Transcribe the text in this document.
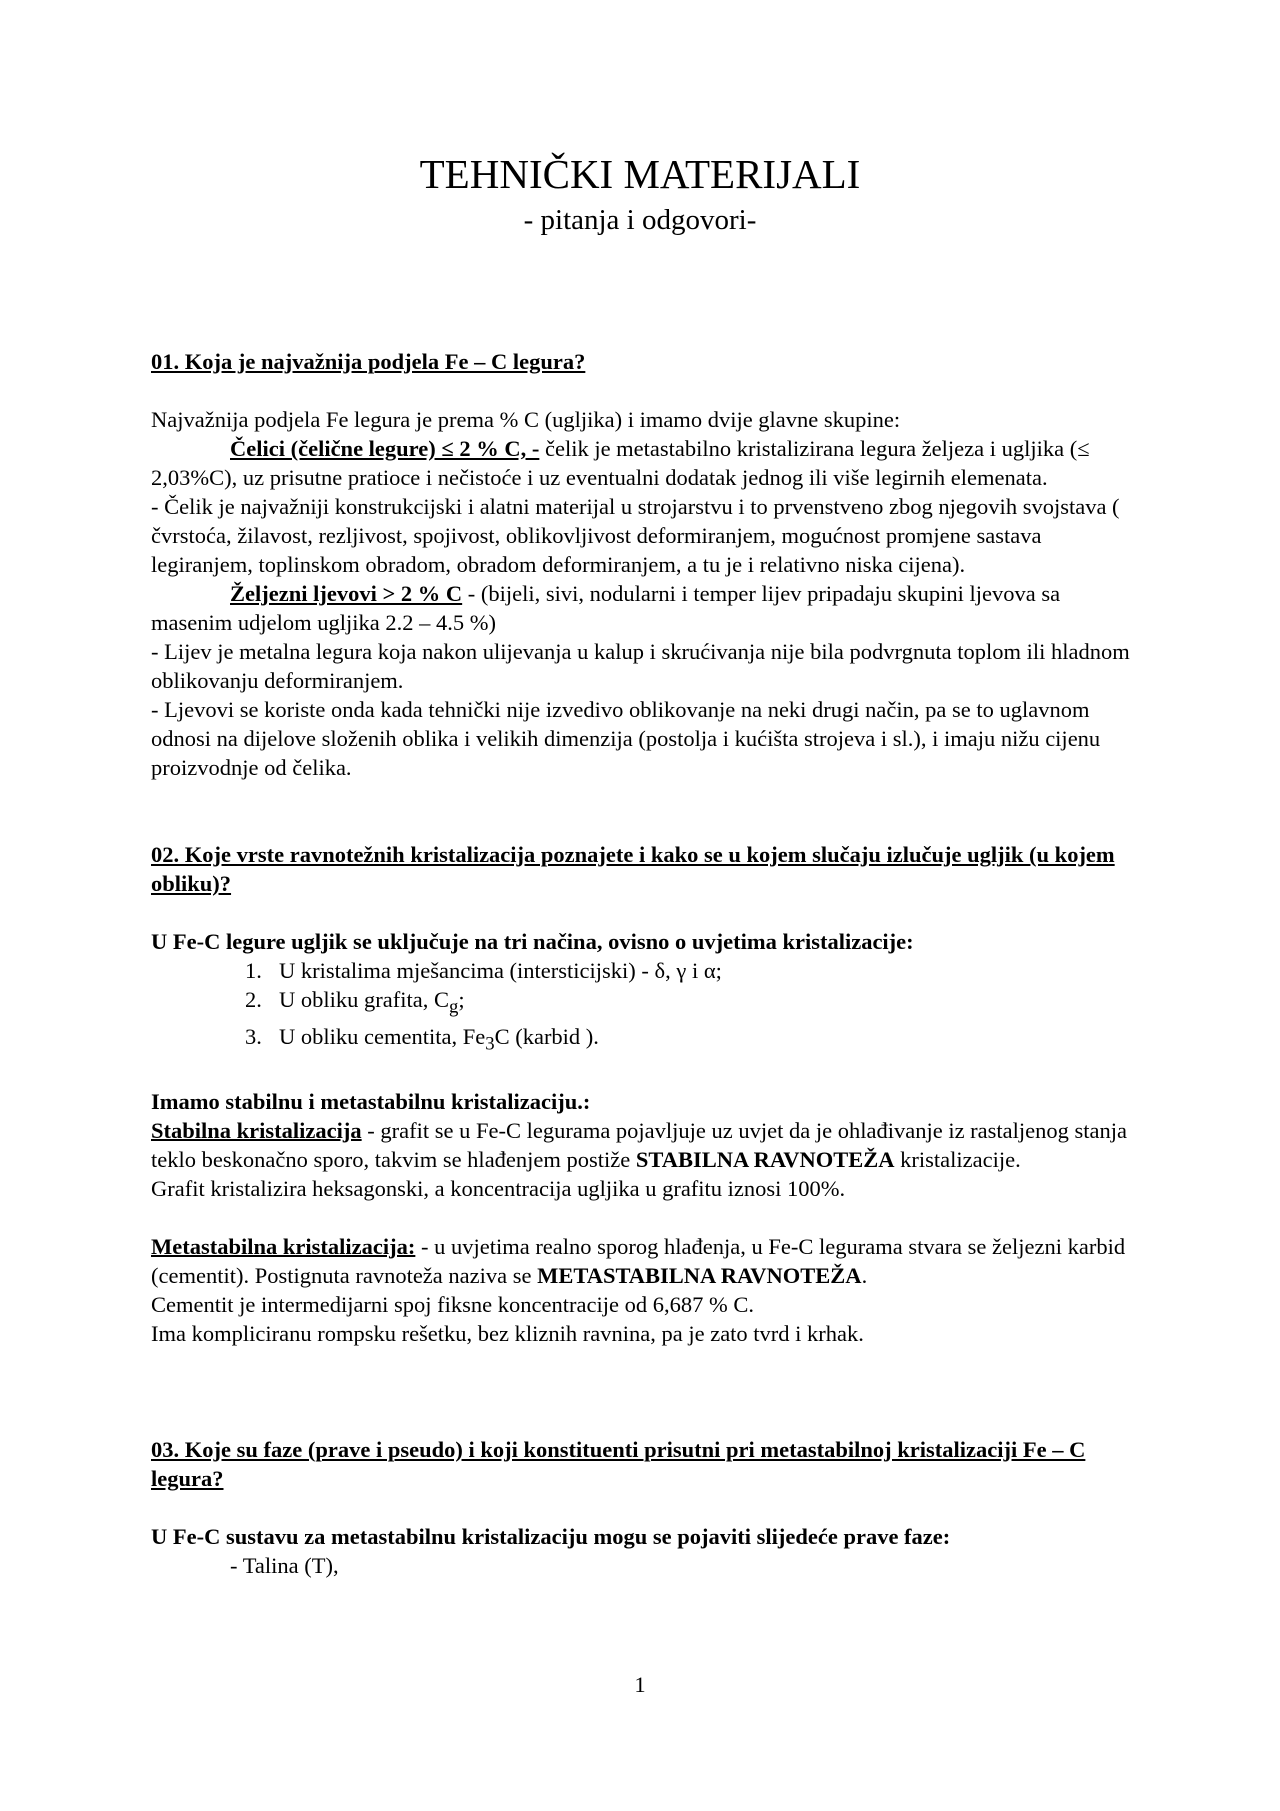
TEHNIČKI MATERIJALI
- pitanja i odgovori-

01. Koja je najvažnija podjela Fe – C legura?

Najvažnija podjela Fe legura je prema % C (ugljika) i imamo dvije glavne skupine:

Čelici (čelične legure) ≤ 2 % C, - čelik je metastabilno kristalizirana legura željeza i ugljika (≤ 2,03%C), uz prisutne pratioce i nečistoće i uz eventualni dodatak jednog ili više legirnih elemenata.

- Čelik je najvažniji konstrukcijski i alatni materijal u strojarstvu i to prvenstveno zbog njegovih svojstava ( čvrstoća, žilavost, rezljivost, spojivost, oblikovljivost deformiranjem, mogućnost promjene sastava legiranjem, toplinskom obradom, obradom deformiranjem, a tu je i relativno niska cijena).

Željezni ljevovi > 2 % C - (bijeli, sivi, nodularni i temper lijev pripadaju skupini ljevova sa masenim udjelom ugljika 2.2 – 4.5 %)

- Lijev je metalna legura koja nakon ulijevanja u kalup i skrućivanja nije bila podvrgnuta toplom ili hladnom oblikovanju deformiranjem.

- Ljevovi se koriste onda kada tehnički nije izvedivo oblikovanje na neki drugi način, pa se to uglavnom odnosi na dijelove složenih oblika i velikih dimenzija (postolja i kućišta strojeva i sl.), i imaju nižu cijenu proizvodnje od čelika.

02. Koje vrste ravnotežnih kristalizacija poznajete i kako se u kojem slučaju izlučuje ugljik (u kojem obliku)?

U Fe-C legure ugljik se uključuje na tri načina, ovisno o uvjetima kristalizacije:

1. U kristalima mješancima (intersticijski) - δ, γ i α;
2. U obliku grafita, $C_g$;
3. U obliku cementita, $Fe_3C$ (karbid ).

Imamo stabilnu i metastabilnu kristalizaciju.:

Stabilna kristalizacija - grafit se u Fe-C legurama pojavljuje uz uvjet da je ohlađivanje iz rastaljenog stanja teklo beskonačno sporo, takvim se hlađenjem postiže STABILNA RAVNOTEŽA kristalizacije.

Grafit kristalizira heksagonski, a koncentracija ugljika u grafitu iznosi 100%.

Metastabilna kristalizacija: - u uvjetima realno sporog hlađenja, u Fe-C legurama stvara se željezni karbid (cementit). Postignuta ravnoteža naziva se METASTABILNA RAVNOTEŽA.

Cementit je intermedijarni spoj fiksne koncentracije od 6,687 % C.

Ima kompliciranu rompsku rešetku, bez kliznih ravnina, pa je zato tvrd i krhak.

03. Koje su faze (prave i pseudo) i koji konstituenti prisutni pri metastabilnoj kristalizaciji Fe – C legura?

U Fe-C sustavu za metastabilnu kristalizaciju mogu se pojaviti slijedeće prave faze:

- Talina (T),

1
